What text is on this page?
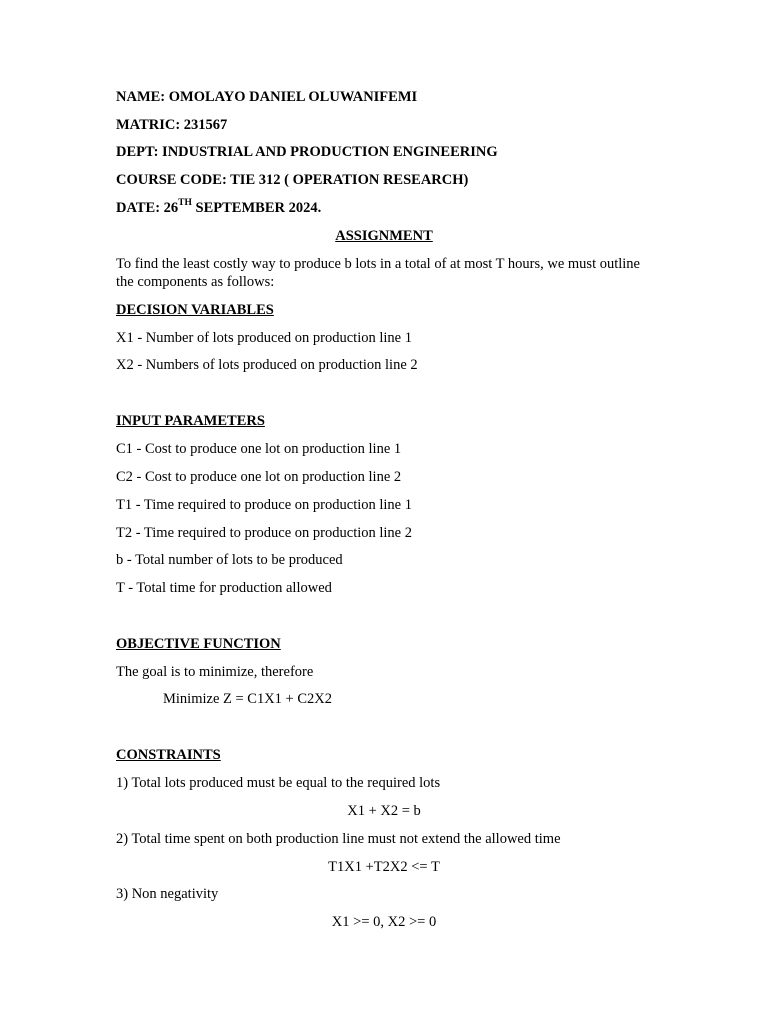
NAME: OMOLAYO DANIEL OLUWANIFEMI
MATRIC: 231567
DEPT: INDUSTRIAL AND PRODUCTION ENGINEERING
COURSE CODE: TIE 312 ( OPERATION RESEARCH)
DATE: 26TH SEPTEMBER 2024.
ASSIGNMENT
To find the least costly way to produce b lots in a total of at most T hours, we must outline the components as follows:
DECISION VARIABLES
X1 - Number of lots produced on production line 1
X2 - Numbers of lots produced on production line 2
INPUT PARAMETERS
C1 - Cost to produce one lot on production line 1
C2 - Cost to produce one lot on production line 2
T1 - Time required to produce on production line 1
T2 - Time required to produce on production line 2
b - Total number of lots to be produced
T - Total time for production allowed
OBJECTIVE FUNCTION
The goal is to minimize, therefore
Minimize Z = C1X1 + C2X2
CONSTRAINTS
1) Total lots produced must be equal to the required lots
X1 + X2 = b
2) Total time spent on both production line must not extend the allowed time
T1X1 +T2X2 <= T
3) Non negativity
X1 >= 0, X2 >= 0
